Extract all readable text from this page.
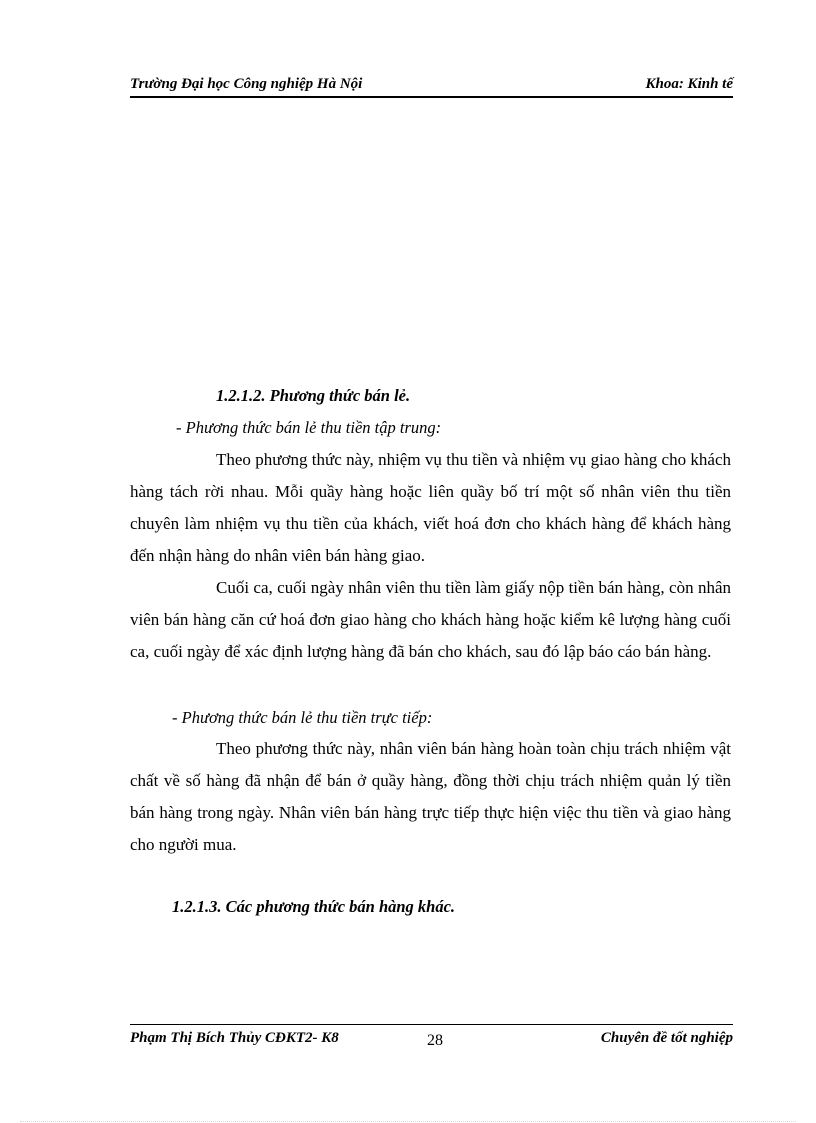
Trường Đại học Công nghiệp Hà Nội	Khoa: Kinh tế
1.2.1.2. Phương thức bán lẻ.
- Phương thức bán lẻ thu tiền tập trung:

Theo phương thức này, nhiệm vụ thu tiền và nhiệm vụ giao hàng cho khách hàng tách rời nhau. Mỗi quầy hàng hoặc liên quầy bố trí một số nhân viên thu tiền chuyên làm nhiệm vụ thu tiền của khách, viết hoá đơn cho khách hàng để khách hàng đến nhận hàng do nhân viên bán hàng giao.

Cuối ca, cuối ngày nhân viên thu tiền làm giấy nộp tiền bán hàng, còn nhân viên bán hàng căn cứ hoá đơn giao hàng cho khách hàng hoặc kiểm kê lượng hàng cuối ca, cuối ngày để xác định lượng hàng đã bán cho khách, sau đó lập báo cáo bán hàng.

- Phương thức bán lẻ thu tiền trực tiếp:

Theo phương thức này, nhân viên bán hàng hoàn toàn chịu trách nhiệm vật chất về số hàng đã nhận để bán ở quầy hàng, đồng thời chịu trách nhiệm quản lý tiền bán hàng trong ngày. Nhân viên bán hàng trực tiếp thực hiện việc thu tiền và giao hàng cho người mua.

1.2.1.3. Các phương thức bán hàng khác.
Phạm Thị Bích Thủy CĐKT2- K8	28	Chuyên đề tốt nghiệp
